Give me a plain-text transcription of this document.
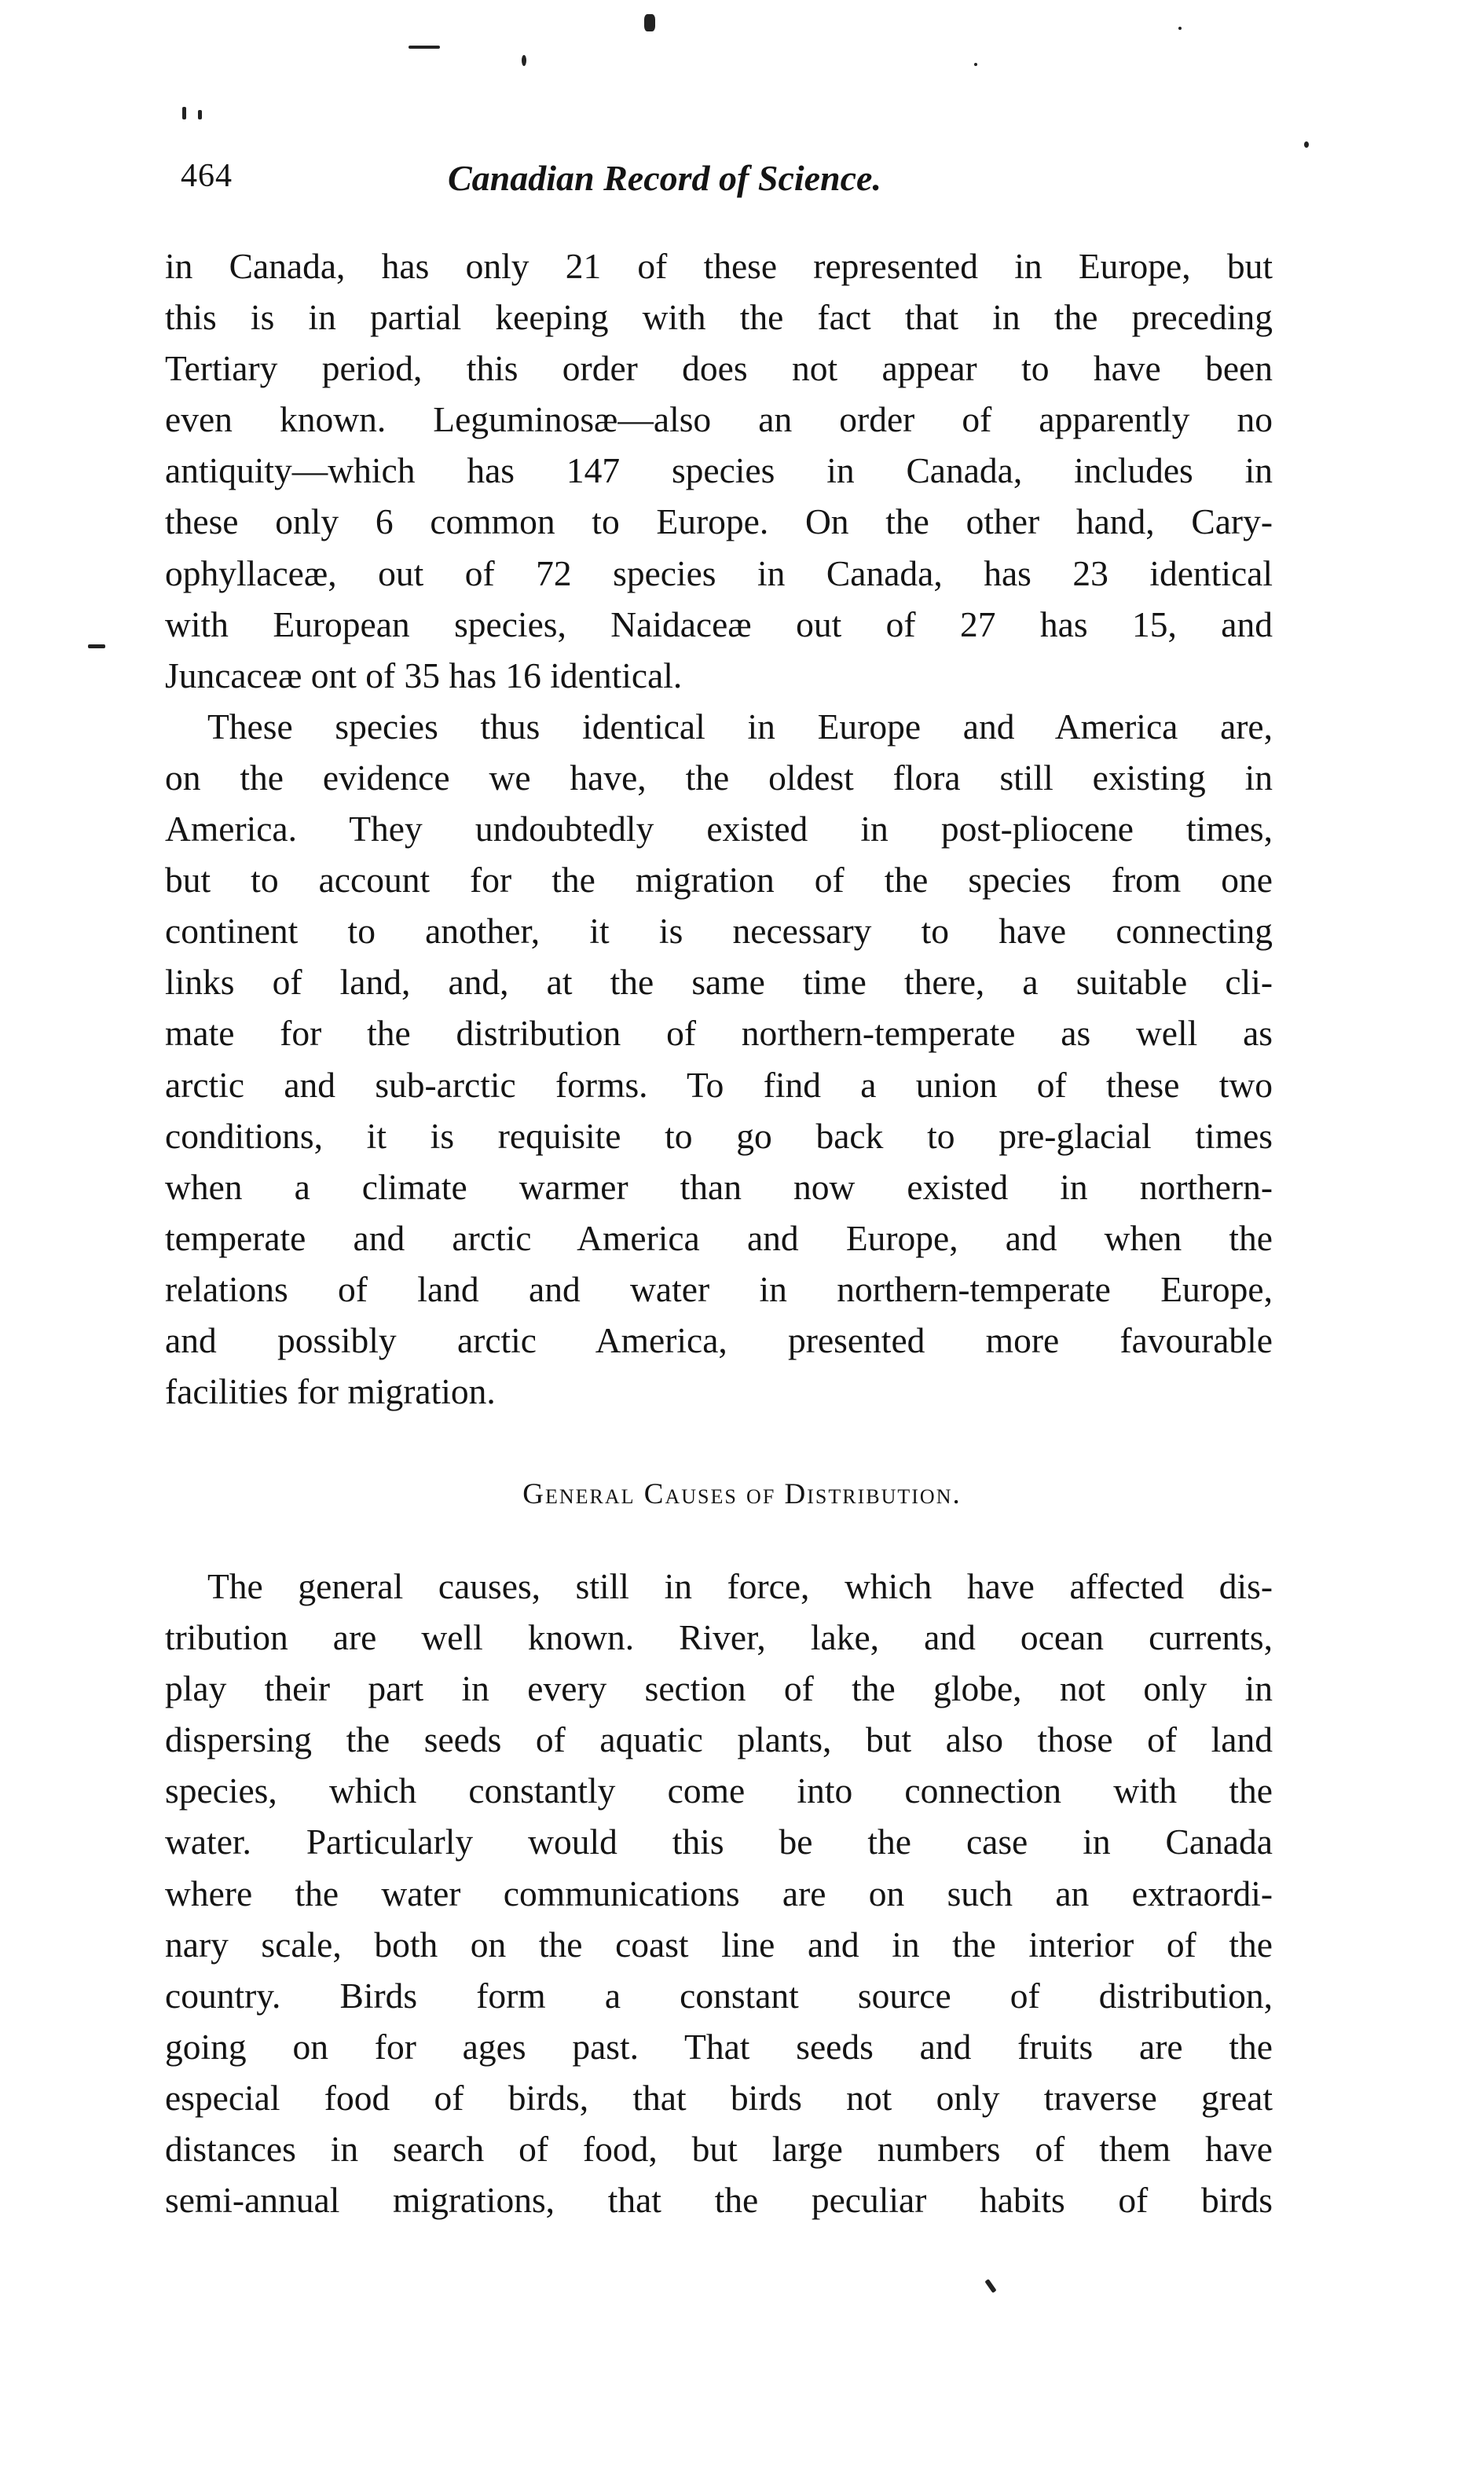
464	Canadian Record of Science.
in Canada, has only 21 of these represented in Europe, but
this is in partial keeping with the fact that in the preceding
Tertiary period, this order does not appear to have been
even known. Leguminosæ—also an order of apparently no
antiquity—which has 147 species in Canada, includes in
these only 6 common to Europe. On the other hand, Cary-
ophyllaceæ, out of 72 species in Canada, has 23 identical
with European species, Naidaceæ out of 27 has 15, and
Juncaceæ ont of 35 has 16 identical.
These species thus identical in Europe and America are,
on the evidence we have, the oldest flora still existing in
America. They undoubtedly existed in post-pliocene times,
but to account for the migration of the species from one
continent to another, it is necessary to have connecting
links of land, and, at the same time there, a suitable cli-
mate for the distribution of northern-temperate as well as
arctic and sub-arctic forms. To find a union of these two
conditions, it is requisite to go back to pre-glacial times
when a climate warmer than now existed in northern-
temperate and arctic America and Europe, and when the
relations of land and water in northern-temperate Europe,
and possibly arctic America, presented more favourable
facilities for migration.
General Causes of Distribution.
The general causes, still in force, which have affected dis-
tribution are well known. River, lake, and ocean currents,
play their part in every section of the globe, not only in
dispersing the seeds of aquatic plants, but also those of land
species, which constantly come into connection with the
water. Particularly would this be the case in Canada
where the water communications are on such an extraordi-
nary scale, both on the coast line and in the interior of the
country. Birds form a constant source of distribution,
going on for ages past. That seeds and fruits are the
especial food of birds, that birds not only traverse great
distances in search of food, but large numbers of them have
semi-annual migrations, that the peculiar habits of birds
